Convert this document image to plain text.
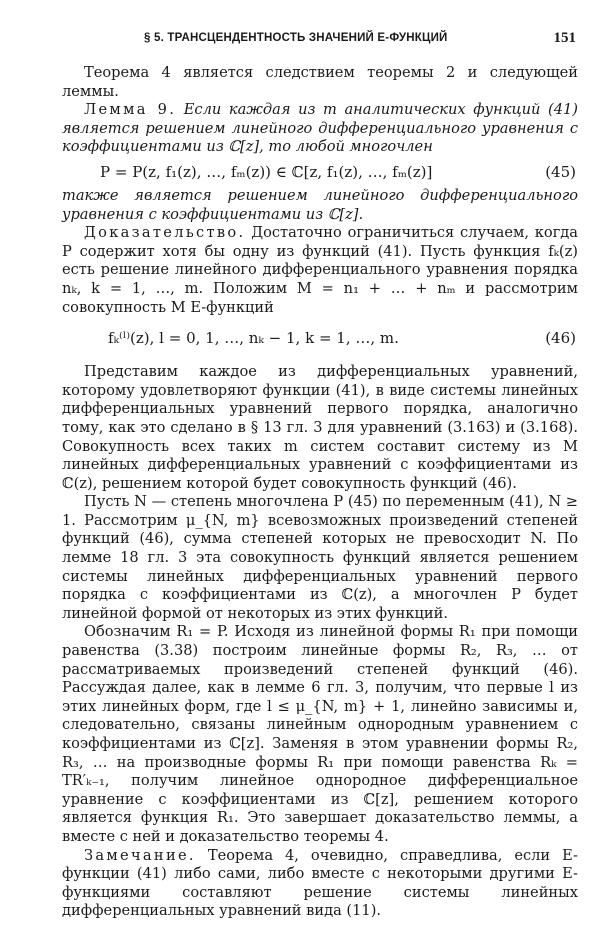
§ 5. ТРАНСЦЕНДЕНТНОСТЬ ЗНАЧЕНИЙ E-ФУНКЦИЙ	151

Теорема 4 является следствием теоремы 2 и следующей леммы.

Лемма 9. Если каждая из m аналитических функций (41) является решением линейного дифференциального уравнения с коэффициентами из ℂ[z], то любой многочлен

P = P(z, f₁(z), …, fₘ(z)) ∈ ℂ[z, f₁(z), …, fₘ(z)]	(45)

также является решением линейного дифференциального уравнения с коэффициентами из ℂ[z].

Доказательство. Достаточно ограничиться случаем, когда P содержит хотя бы одну из функций (41). Пусть функция fₖ(z) есть решение линейного дифференциального уравнения порядка nₖ, k = 1, …, m. Положим M = n₁ + … + nₘ и рассмотрим совокупность M E-функций

fₖ⁽ˡ⁾(z), l = 0, 1, …, nₖ − 1, k = 1, …, m.	(46)

Представим каждое из дифференциальных уравнений, которому удовлетворяют функции (41), в виде системы линейных дифференциальных уравнений первого порядка, аналогично тому, как это сделано в § 13 гл. 3 для уравнений (3.163) и (3.168). Совокупность всех таких m систем составит систему из M линейных дифференциальных уравнений с коэффициентами из ℂ(z), решением которой будет совокупность функций (46).

Пусть N — степень многочлена P (45) по переменным (41), N ≥ 1. Рассмотрим μ_{N, m} всевозможных произведений степеней функций (46), сумма степеней которых не превосходит N. По лемме 18 гл. 3 эта совокупность функций является решением системы линейных дифференциальных уравнений первого порядка с коэффициентами из ℂ(z), а многочлен P будет линейной формой от некоторых из этих функций.

Обозначим R₁ = P. Исходя из линейной формы R₁ при помощи равенства (3.38) построим линейные формы R₂, R₃, … от рассматриваемых произведений степеней функций (46). Рассуждая далее, как в лемме 6 гл. 3, получим, что первые l из этих линейных форм, где l ≤ μ_{N, m} + 1, линейно зависимы и, следовательно, связаны линейным однородным уравнением с коэффициентами из ℂ[z]. Заменяя в этом уравнении формы R₂, R₃, … на производные формы R₁ при помощи равенства Rₖ = TR′ₖ₋₁, получим линейное однородное дифференциальное уравнение с коэффициентами из ℂ[z], решением которого является функция R₁. Это завершает доказательство леммы, а вместе с ней и доказательство теоремы 4.

Замечание. Теорема 4, очевидно, справедлива, если E-функции (41) либо сами, либо вместе с некоторыми другими E-функциями составляют решение системы линейных дифференциальных уравнений вида (11).
